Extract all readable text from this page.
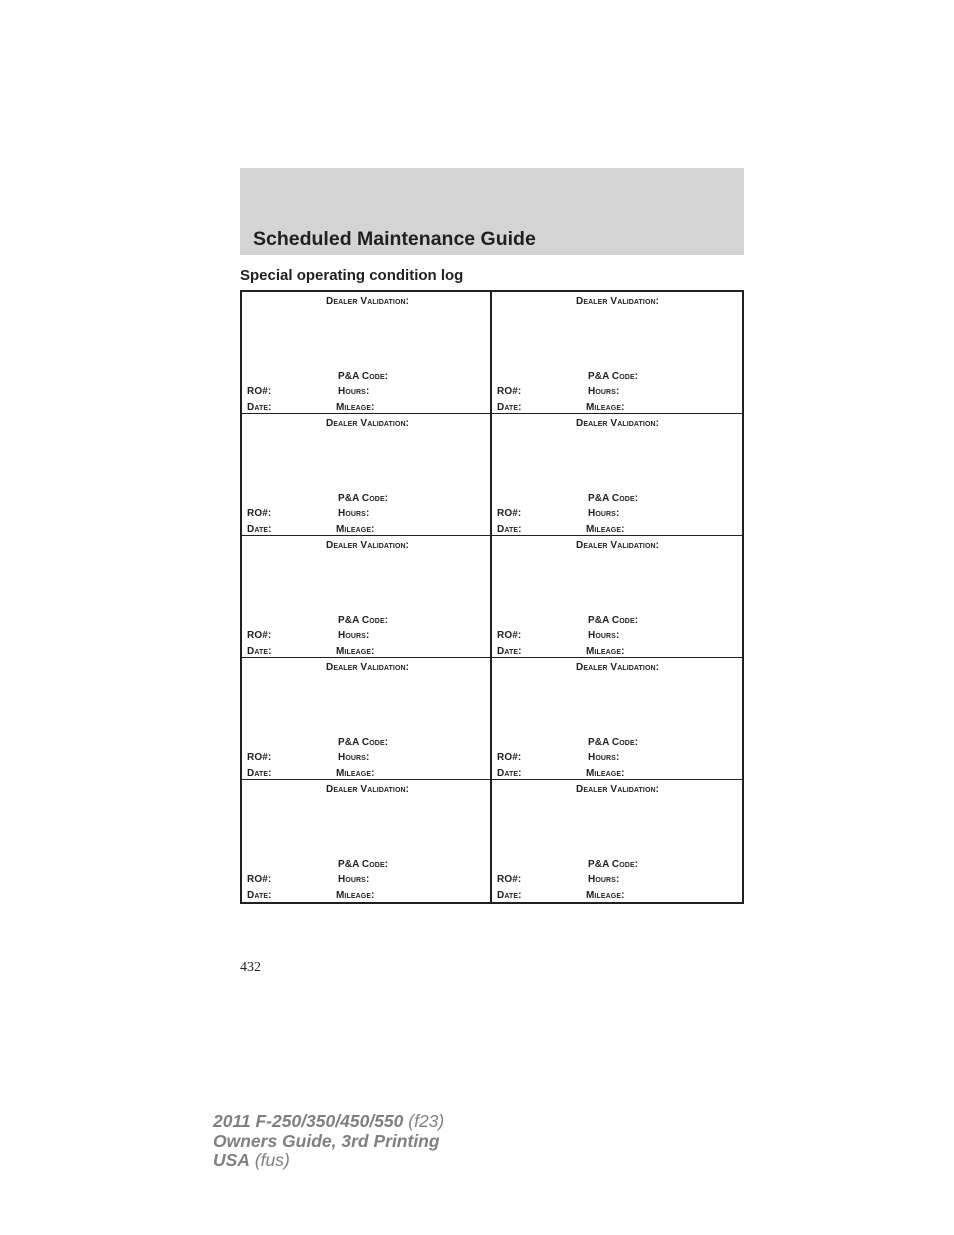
Scheduled Maintenance Guide
Special operating condition log
Dealer Validation:
P&A Code:
RO#:	Hours:
Date:	Mileage:
Dealer Validation:
P&A Code:
RO#:	Hours:
Date:	Mileage:
Dealer Validation:
P&A Code:
RO#:	Hours:
Date:	Mileage:
Dealer Validation:
P&A Code:
RO#:	Hours:
Date:	Mileage:
Dealer Validation:
P&A Code:
RO#:	Hours:
Date:	Mileage:
Dealer Validation:
P&A Code:
RO#:	Hours:
Date:	Mileage:
Dealer Validation:
P&A Code:
RO#:	Hours:
Date:	Mileage:
Dealer Validation:
P&A Code:
RO#:	Hours:
Date:	Mileage:
Dealer Validation:
P&A Code:
RO#:	Hours:
Date:	Mileage:
Dealer Validation:
P&A Code:
RO#:	Hours:
Date:	Mileage:
432
2011 F-250/350/450/550 (f23)
Owners Guide, 3rd Printing
USA (fus)
